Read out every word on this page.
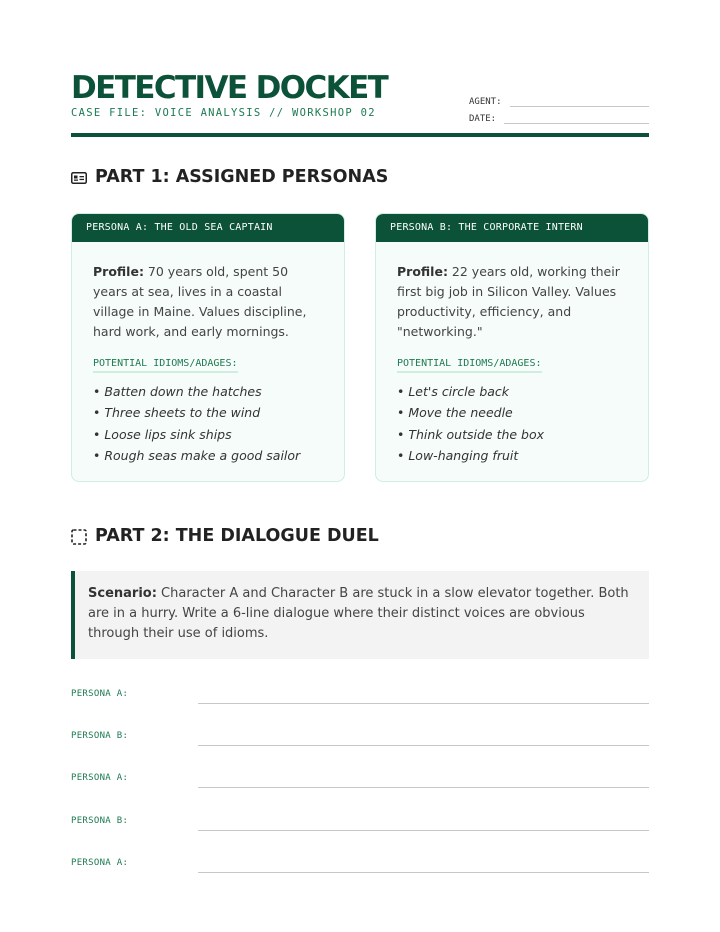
DETECTIVE DOCKET
CASE FILE: VOICE ANALYSIS // WORKSHOP 02
AGENT:
DATE:
PART 1: ASSIGNED PERSONAS
PERSONA A: THE OLD SEA CAPTAIN

Profile: 70 years old, spent 50 years at sea, lives in a coastal village in Maine. Values discipline, hard work, and early mornings.

POTENTIAL IDIOMS/ADAGES:
• Batten down the hatches
• Three sheets to the wind
• Loose lips sink ships
• Rough seas make a good sailor
PERSONA B: THE CORPORATE INTERN

Profile: 22 years old, working their first big job in Silicon Valley. Values productivity, efficiency, and "networking."

POTENTIAL IDIOMS/ADAGES:
• Let's circle back
• Move the needle
• Think outside the box
• Low-hanging fruit
PART 2: THE DIALOGUE DUEL
Scenario: Character A and Character B are stuck in a slow elevator together. Both are in a hurry. Write a 6-line dialogue where their distinct voices are obvious through their use of idioms.
PERSONA A:
PERSONA B:
PERSONA A:
PERSONA B:
PERSONA A:
